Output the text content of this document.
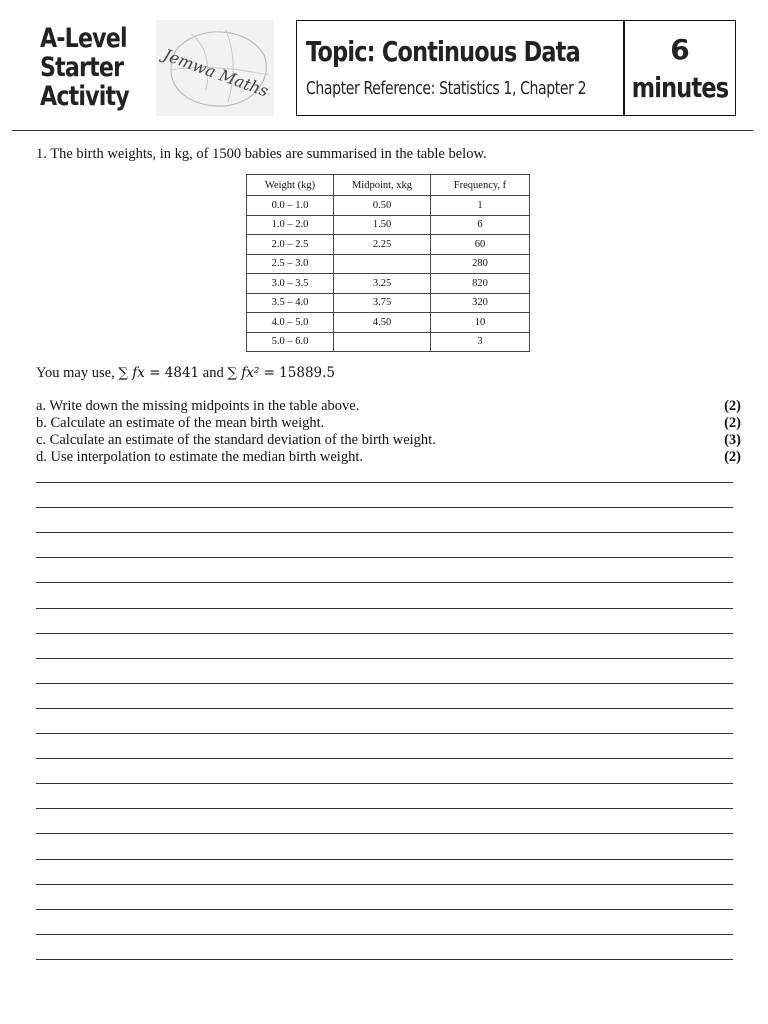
A-Level
Starter
Activity Jemwa Maths Topic: Continuous Data
Chapter Reference: Statistics 1, Chapter 2
6
minutes
1. The birth weights, in kg, of 1500 babies are summarised in the table below.
Weight (kg)	Midpoint, xkg	Frequency, f
0.0 – 1.0	0.50	1
1.0 – 2.0	1.50	6
2.0 – 2.5	2.25	60
2.5 – 3.0		280
3.0 – 3.5	3.25	820
3.5 – 4.0	3.75	320
4.0 – 5.0	4.50	10
5.0 – 6.0		3
You may use, ∑ fx = 4841 and ∑ fx² = 15889.5
a. Write down the missing midpoints in the table above.	(2)
b. Calculate an estimate of the mean birth weight.	(2)
c. Calculate an estimate of the standard deviation of the birth weight.	(3)
d. Use interpolation to estimate the median birth weight.	(2)
